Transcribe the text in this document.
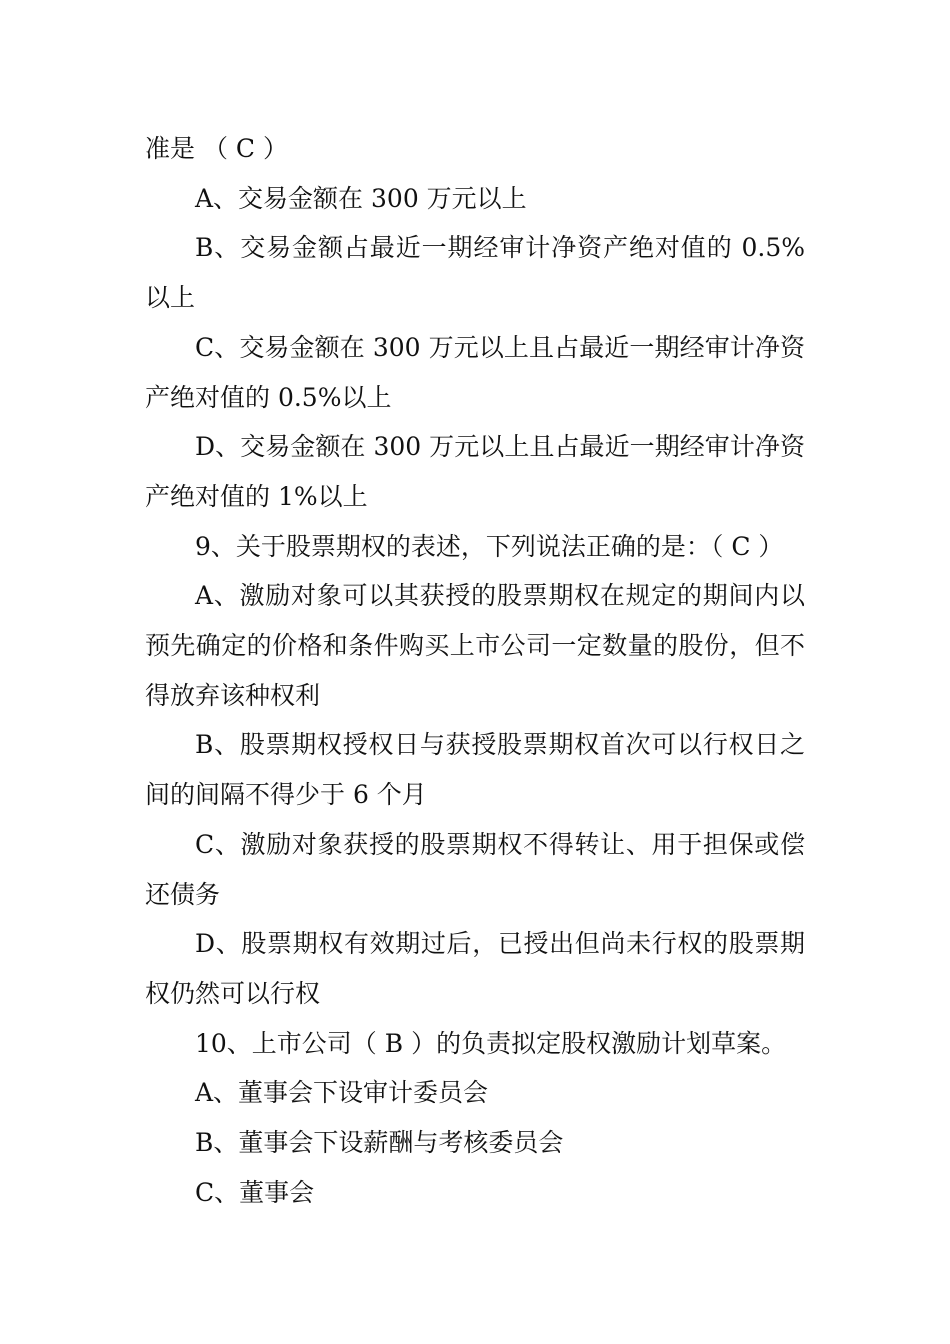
准是 （ C ）

A、交易金额在 300 万元以上

B、交易金额占最近一期经审计净资产绝对值的 0.5%以上

C、交易金额在 300 万元以上且占最近一期经审计净资产绝对值的 0.5%以上

D、交易金额在 300 万元以上且占最近一期经审计净资产绝对值的 1%以上

9、关于股票期权的表述，下列说法正确的是：（ C ）

A、激励对象可以其获授的股票期权在规定的期间内以预先确定的价格和条件购买上市公司一定数量的股份，但不得放弃该种权利

B、股票期权授权日与获授股票期权首次可以行权日之间的间隔不得少于 6 个月

C、激励对象获授的股票期权不得转让、用于担保或偿还债务

D、股票期权有效期过后，已授出但尚未行权的股票期权仍然可以行权

10、上市公司（ B ）的负责拟定股权激励计划草案。

A、董事会下设审计委员会

B、董事会下设薪酬与考核委员会

C、董事会
